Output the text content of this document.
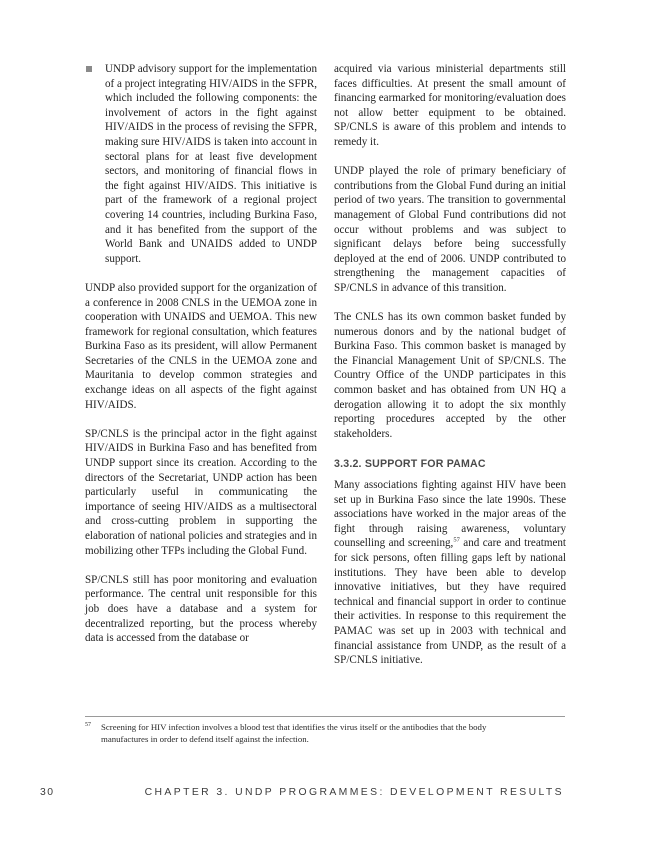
UNDP advisory support for the implementation of a project integrating HIV/AIDS in the SFPR, which included the following components: the involvement of actors in the fight against HIV/AIDS in the process of revising the SFPR, making sure HIV/AIDS is taken into account in sectoral plans for at least five development sectors, and monitoring of financial flows in the fight against HIV/AIDS. This initiative is part of the framework of a regional project covering 14 countries, including Burkina Faso, and it has benefited from the support of the World Bank and UNAIDS added to UNDP support.

UNDP also provided support for the organization of a conference in 2008 CNLS in the UEMOA zone in cooperation with UNAIDS and UEMOA. This new framework for regional consultation, which features Burkina Faso as its president, will allow Permanent Secretaries of the CNLS in the UEMOA zone and Mauritania to develop common strategies and exchange ideas on all aspects of the fight against HIV/AIDS.

SP/CNLS is the principal actor in the fight against HIV/AIDS in Burkina Faso and has benefited from UNDP support since its creation. According to the directors of the Secretariat, UNDP action has been particularly useful in communicating the importance of seeing HIV/AIDS as a multisectoral and cross-cutting problem in supporting the elaboration of national policies and strategies and in mobilizing other TFPs including the Global Fund.

SP/CNLS still has poor monitoring and evaluation performance. The central unit responsible for this job does have a database and a system for decentralized reporting, but the process whereby data is accessed from the database or

acquired via various ministerial departments still faces difficulties. At present the small amount of financing earmarked for monitoring/evaluation does not allow better equipment to be obtained. SP/CNLS is aware of this problem and intends to remedy it.

UNDP played the role of primary beneficiary of contributions from the Global Fund during an initial period of two years. The transition to governmental management of Global Fund contributions did not occur without problems and was subject to significant delays before being successfully deployed at the end of 2006. UNDP contributed to strengthening the management capacities of SP/CNLS in advance of this transition.

The CNLS has its own common basket funded by numerous donors and by the national budget of Burkina Faso. This common basket is managed by the Financial Management Unit of SP/CNLS. The Country Office of the UNDP participates in this common basket and has obtained from UN HQ a derogation allowing it to adopt the six monthly reporting procedures accepted by the other stakeholders.

3.3.2. SUPPORT FOR PAMAC

Many associations fighting against HIV have been set up in Burkina Faso since the late 1990s. These associations have worked in the major areas of the fight through raising awareness, voluntary counselling and screening,$^{57}$ and care and treatment for sick persons, often filling gaps left by national institutions. They have been able to develop innovative initiatives, but they have required technical and financial support in order to continue their activities. In response to this requirement the PAMAC was set up in 2003 with technical and financial assistance from UNDP, as the result of a SP/CNLS initiative.

57	Screening for HIV infection involves a blood test that identifies the virus itself or the antibodies that the body manufactures in order to defend itself against the infection.
30	CHAPTER 3. UNDP PROGRAMMES: DEVELOPMENT RESULTS
